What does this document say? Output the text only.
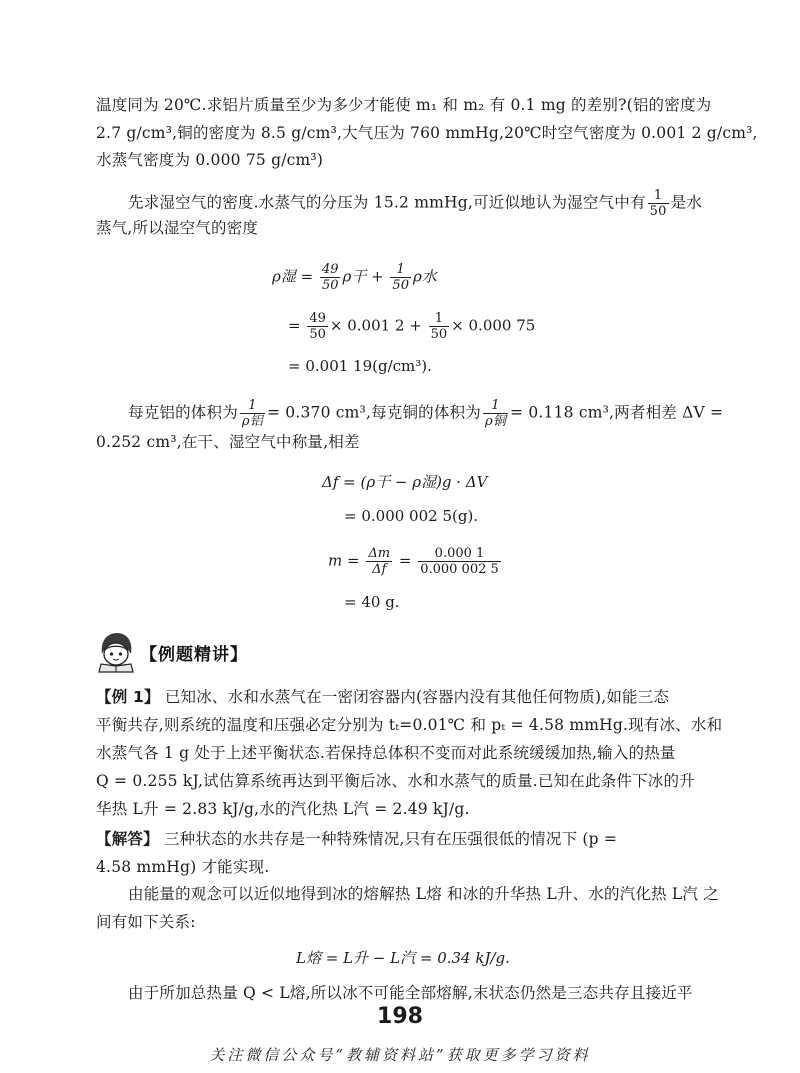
温度同为 20℃.求铝片质量至少为多少才能使 m₁ 和 m₂ 有 0.1 mg 的差别?(铝的密度为
2.7 g/cm³,铜的密度为 8.5 g/cm³,大气压为 760 mmHg,20℃时空气密度为 0.001 2 g/cm³,
水蒸气密度为 0.000 75 g/cm³)
先求湿空气的密度.水蒸气的分压为 15.2 mmHg,可近似地认为湿空气中有 $\frac{1}{50}$ 是水
蒸气,所以湿空气的密度
ρ湿 = $\frac{49}{50}$ ρ干 + $\frac{1}{50}$ ρ水
= $\frac{49}{50} \times 0.001$ $2 + \frac{1}{50} \times 0.000$ 75
= 0.001 19(g/cm³).
每克铝的体积为 $\frac{1}{\text{ρ铝}} = 0.370$ cm³,每克铜的体积为 $\frac{1}{\text{ρ铜}} = 0.118$ cm³,两者相差 ΔV =
0.252 cm³,在干、湿空气中称量,相差
Δf = (ρ干 − ρ湿)g · ΔV
= 0.000 002 5(g).
$m = \frac{\Delta m}{\Delta f} = \frac{0.000 1}{0.000 002 5}$
= 40 g.
【例题精讲】
【例 1】 已知冰、水和水蒸气在一密闭容器内(容器内没有其他任何物质),如能三态
平衡共存,则系统的温度和压强必定分别为 tₜ=0.01℃ 和 pₜ = 4.58 mmHg.现有冰、水和
水蒸气各 1 g 处于上述平衡状态.若保持总体积不变而对此系统缓缓加热,输入的热量
Q = 0.255 kJ,试估算系统再达到平衡后冰、水和水蒸气的质量.已知在此条件下冰的升
华热 L升 = 2.83 kJ/g,水的汽化热 L汽 = 2.49 kJ/g.
【解答】 三种状态的水共存是一种特殊情况,只有在压强很低的情况下 (p =
4.58 mmHg) 才能实现.
由能量的观念可以近似地得到冰的熔解热 L熔 和冰的升华热 L升、水的汽化热 L汽 之
间有如下关系:
L熔 = L升 − L汽 = 0.34 kJ/g.
由于所加总热量 Q < L熔,所以冰不可能全部熔解,末状态仍然是三态共存且接近平
198
关注微信公众号“教辅资料站”获取更多学习资料
